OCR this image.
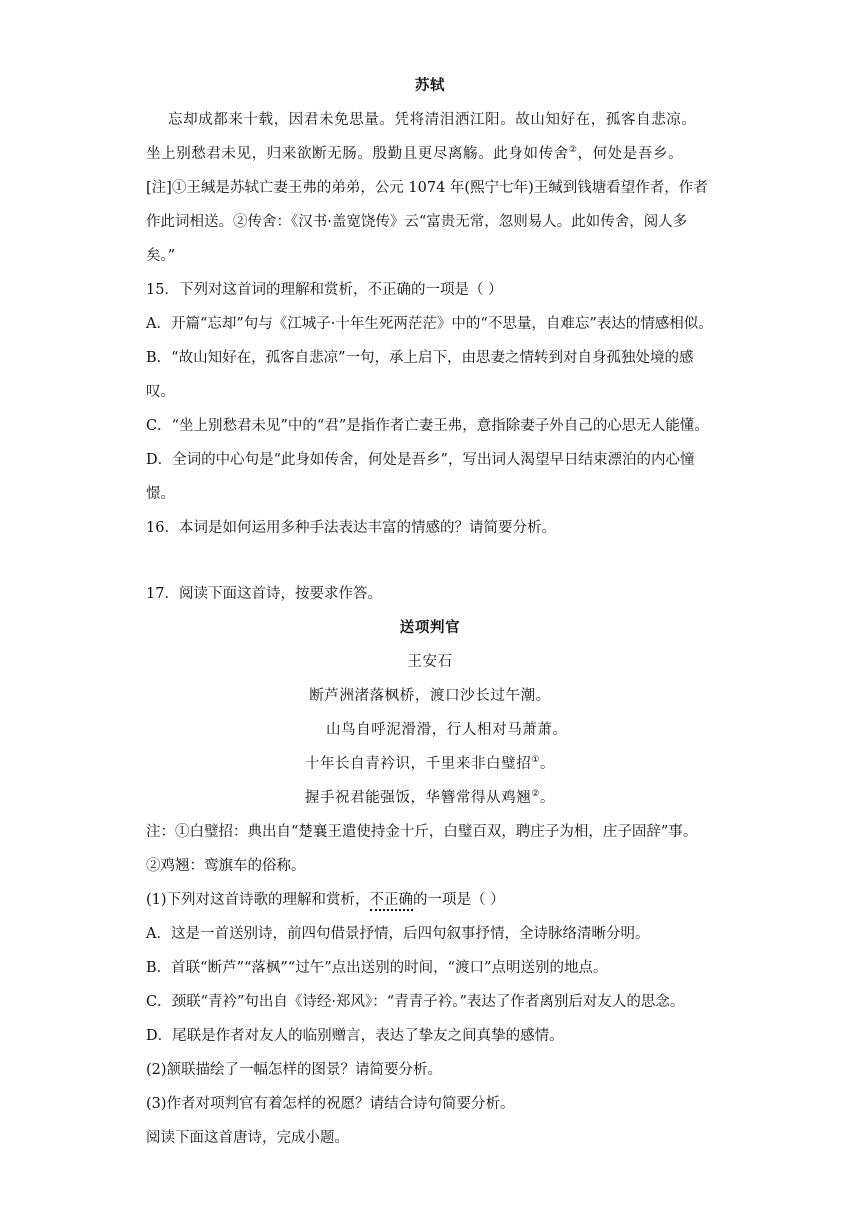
苏轼
忘却成都来十载，因君未免思量。凭将清泪洒江阳。故山知好在，孤客自悲凉。
坐上别愁君未见，归来欲断无肠。殷勤且更尽离觞。此身如传舍②，何处是吾乡。
[注]①王缄是苏轼亡妻王弗的弟弟，公元 1074 年(熙宁七年)王缄到钱塘看望作者，作者
作此词相送。②传舍：《汉书·盖宽饶传》云“富贵无常，忽则易人。此如传舍，阅人多
矣。”
15．下列对这首词的理解和赏析，不正确的一项是（ ）
A．开篇“忘却”句与《江城子·十年生死两茫茫》中的“不思量，自难忘”表达的情感相似。
B．“故山知好在，孤客自悲凉”一句，承上启下，由思妻之情转到对自身孤独处境的感
叹。
C．“坐上别愁君未见”中的“君”是指作者亡妻王弗，意指除妻子外自己的心思无人能懂。
D．全词的中心句是“此身如传舍，何处是吾乡”，写出词人渴望早日结束漂泊的内心憧
憬。
16．本词是如何运用多种手法表达丰富的情感的？请简要分析。
17．阅读下面这首诗，按要求作答。
送项判官
王安石
断芦洲渚落枫桥，渡口沙长过午潮。
山鸟自呼泥滑滑，行人相对马萧萧。
十年长自青衿识，千里来非白璧招①。
握手祝君能强饭，华簪常得从鸡翘②。
注：①白璧招：典出自“楚襄王遣使持金十斤，白璧百双，聘庄子为相，庄子固辞”事。
②鸡翘：鸾旗车的俗称。
(1)下列对这首诗歌的理解和赏析，不正确的一项是（ ）
A．这是一首送别诗，前四句借景抒情，后四句叙事抒情，全诗脉络清晰分明。
B．首联“断芦”“落枫”“过午”点出送别的时间，“渡口”点明送别的地点。
C．颈联“青衿”句出自《诗经·郑风》：“青青子衿。”表达了作者离别后对友人的思念。
D．尾联是作者对友人的临别赠言，表达了挚友之间真挚的感情。
(2)颔联描绘了一幅怎样的图景？请简要分析。
(3)作者对项判官有着怎样的祝愿？请结合诗句简要分析。
阅读下面这首唐诗，完成小题。
